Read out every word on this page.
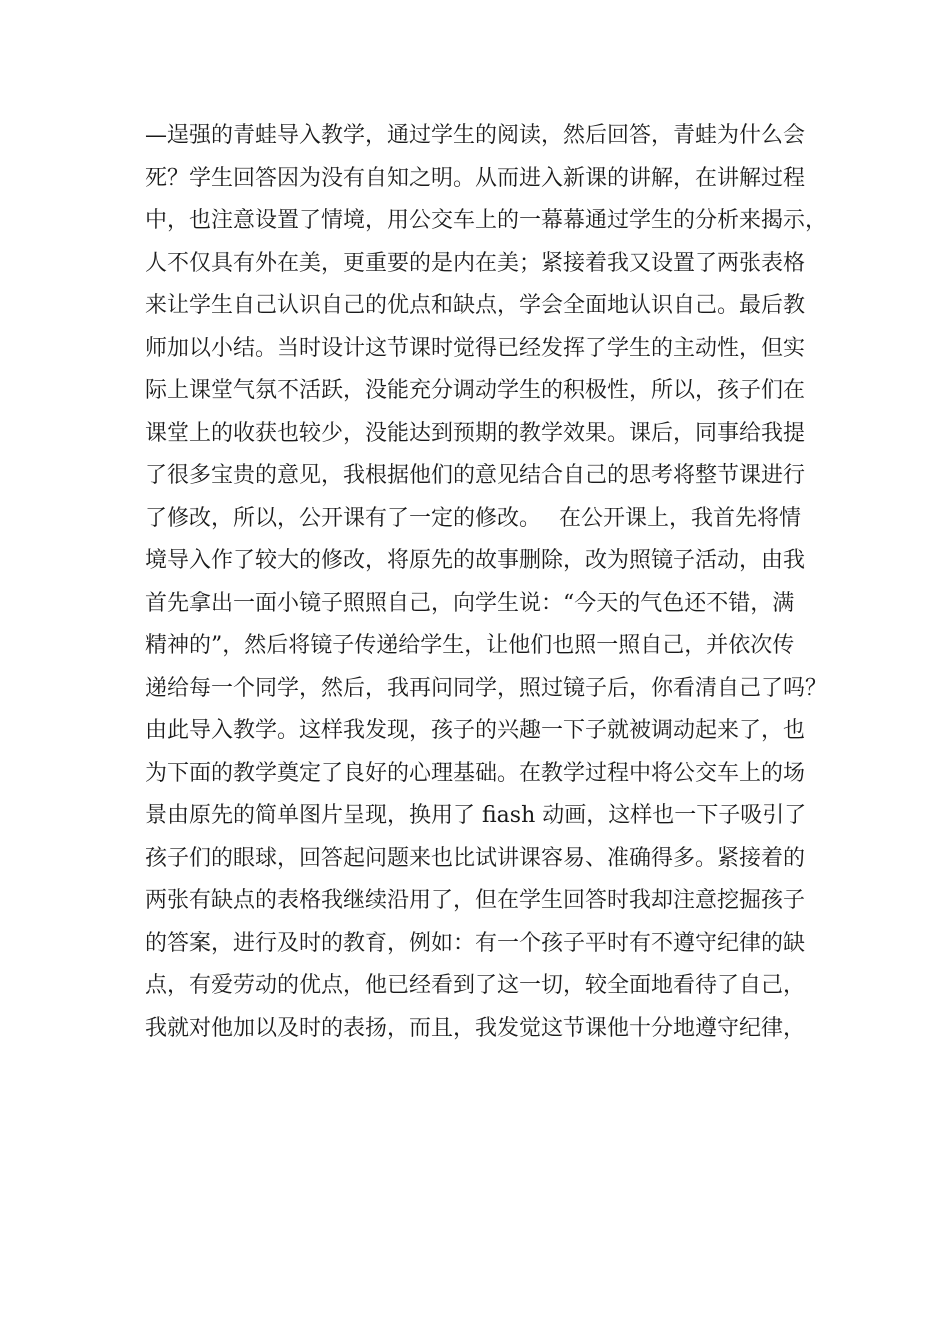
—逞强的青蛙导入教学，通过学生的阅读，然后回答，青蛙为什么会
死？学生回答因为没有自知之明。从而进入新课的讲解，在讲解过程
中，也注意设置了情境，用公交车上的一幕幕通过学生的分析来揭示，
人不仅具有外在美，更重要的是内在美；紧接着我又设置了两张表格
来让学生自己认识自己的优点和缺点，学会全面地认识自己。最后教
师加以小结。当时设计这节课时觉得已经发挥了学生的主动性，但实
际上课堂气氛不活跃，没能充分调动学生的积极性，所以，孩子们在
课堂上的收获也较少，没能达到预期的教学效果。课后，同事给我提
了很多宝贵的意见，我根据他们的意见结合自己的思考将整节课进行
了修改，所以，公开课有了一定的修改。　 在公开课上，我首先将情
境导入作了较大的修改，将原先的故事删除，改为照镜子活动，由我
首先拿出一面小镜子照照自己，向学生说：“今天的气色还不错，满
精神的”，然后将镜子传递给学生，让他们也照一照自己，并依次传
递给每一个同学，然后，我再问同学，照过镜子后，你看清自己了吗？
由此导入教学。这样我发现，孩子的兴趣一下子就被调动起来了，也
为下面的教学奠定了良好的心理基础。在教学过程中将公交车上的场
景由原先的简单图片呈现，换用了 fiash 动画，这样也一下子吸引了
孩子们的眼球，回答起问题来也比试讲课容易、准确得多。紧接着的
两张有缺点的表格我继续沿用了，但在学生回答时我却注意挖掘孩子
的答案，进行及时的教育，例如：有一个孩子平时有不遵守纪律的缺
点，有爱劳动的优点，他已经看到了这一切，较全面地看待了自己，
我就对他加以及时的表扬，而且，我发觉这节课他十分地遵守纪律，
